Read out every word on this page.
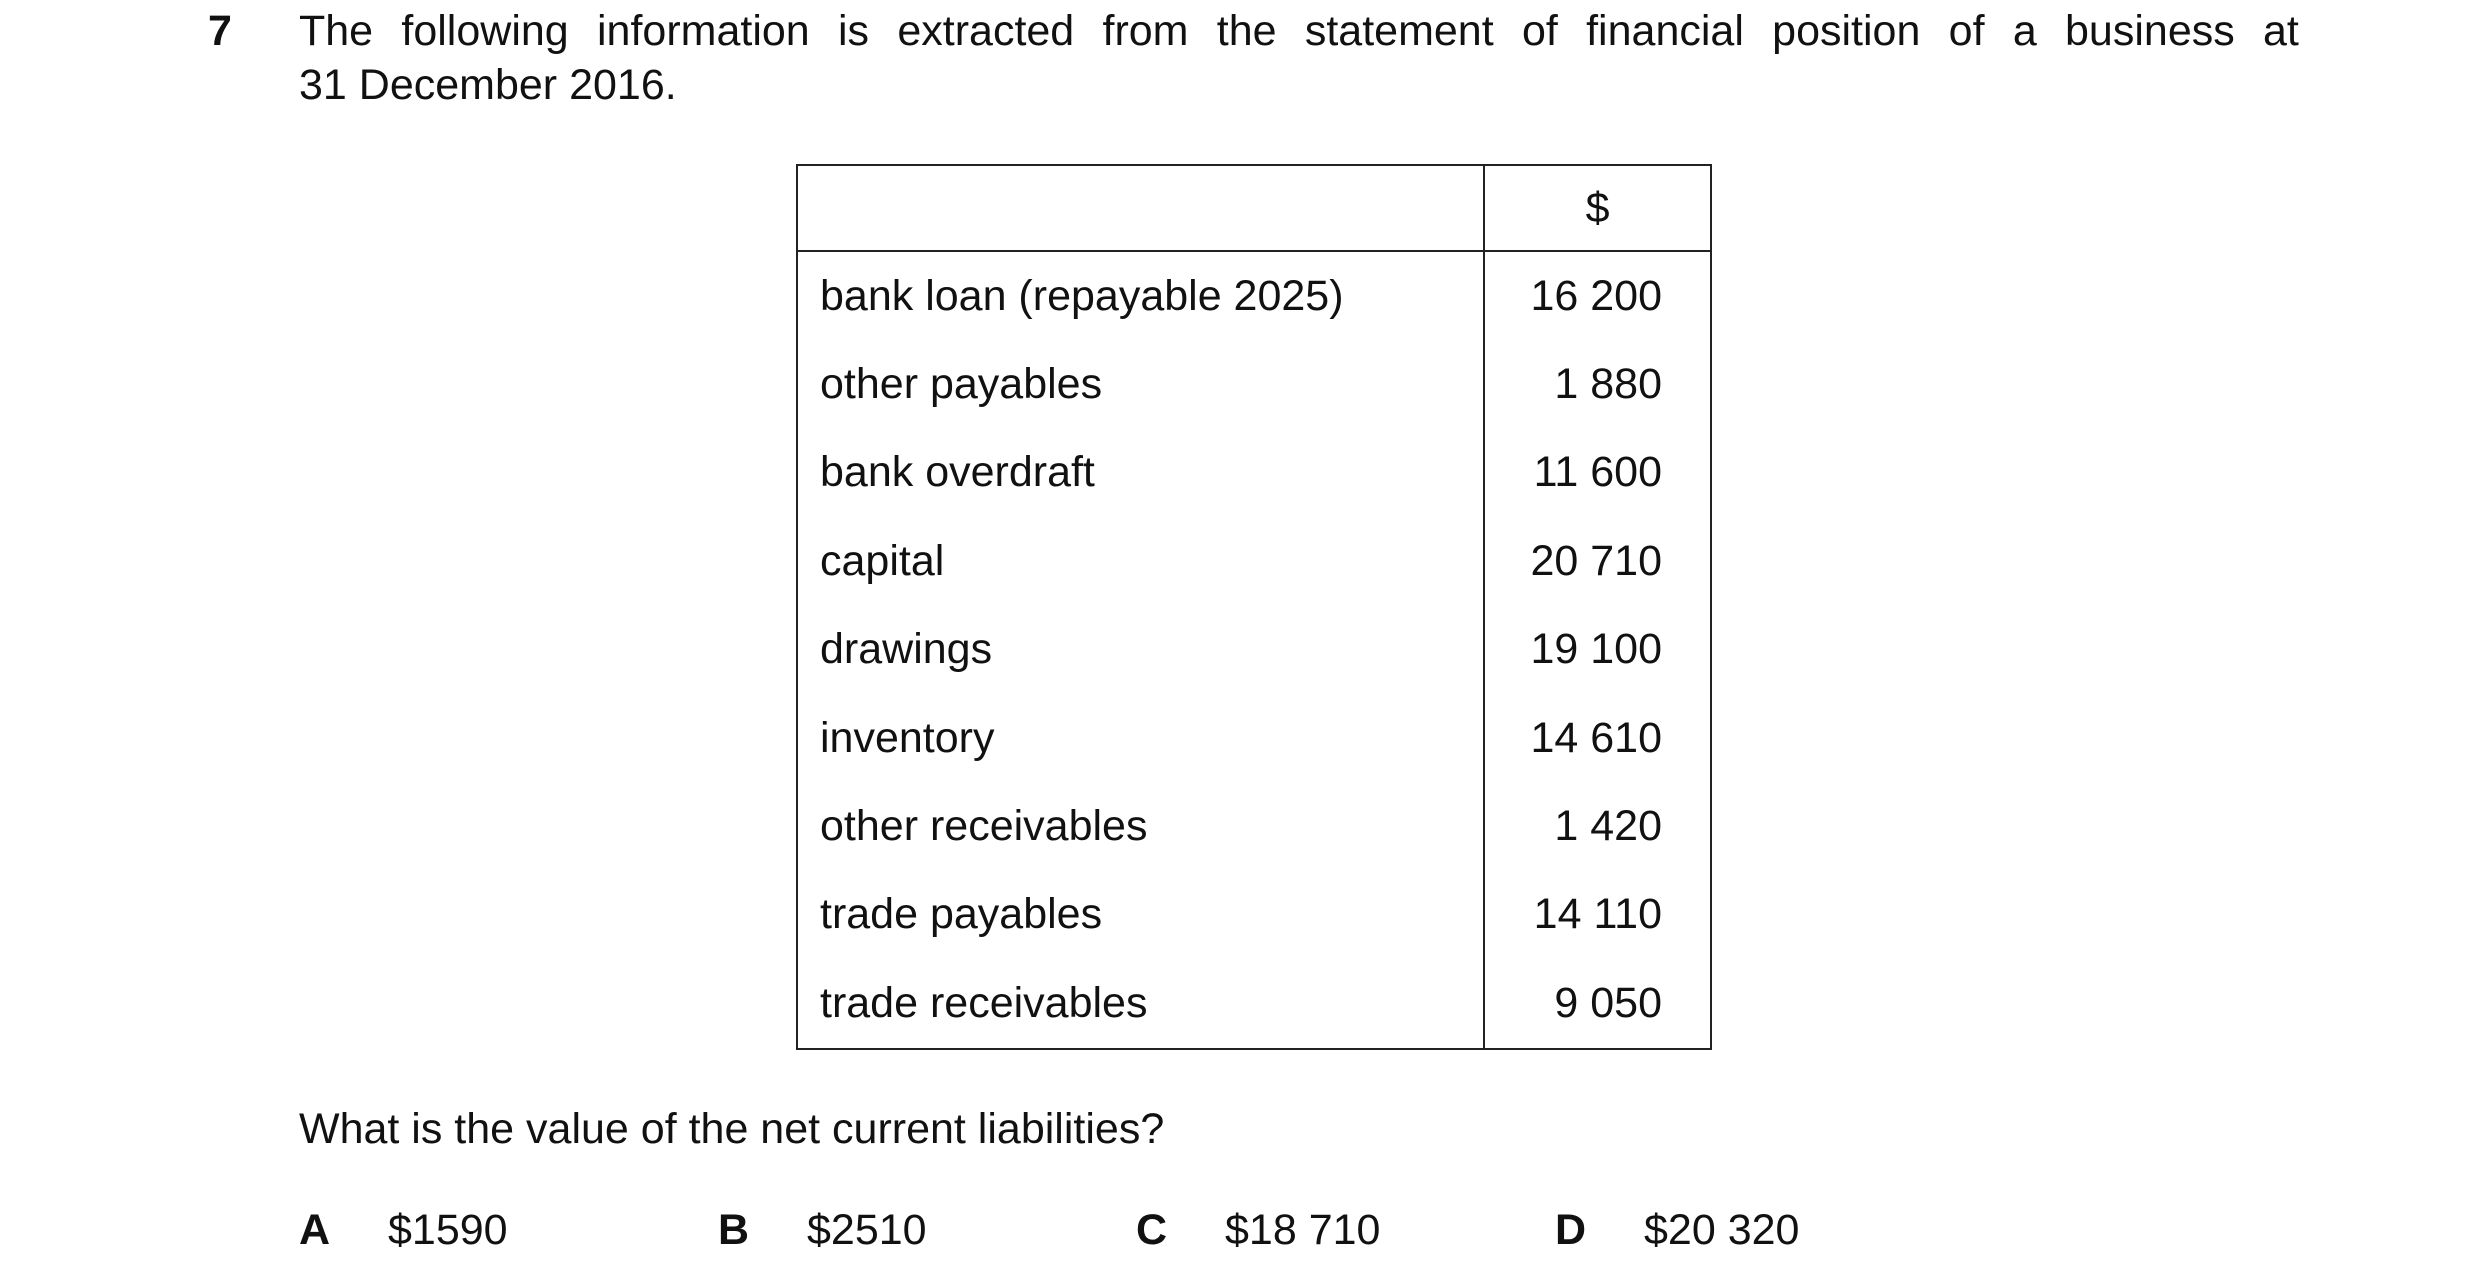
7 The following information is extracted from the statement of financial position of a business at
31 December 2016.
	$
bank loan (repayable 2025)	16 200
other payables	1 880
bank overdraft	11 600
capital	20 710
drawings	19 100
inventory	14 610
other receivables	1 420
trade payables	14 110
trade receivables	9 050
What is the value of the net current liabilities?
A $1590	B $2510	C $18 710	D $20 320
